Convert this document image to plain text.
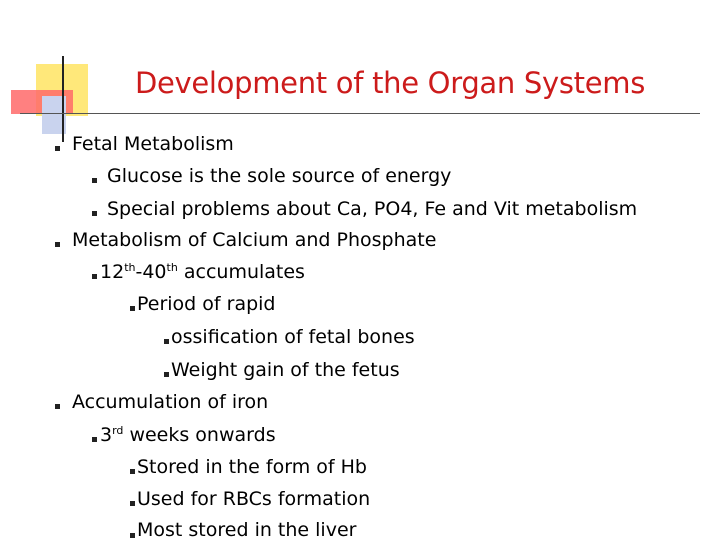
Development of the Organ Systems
Fetal Metabolism
Glucose is the sole source of energy
Special problems about Ca, PO4, Fe and Vit metabolism
Metabolism of Calcium and Phosphate
12th-40th accumulates
Period of rapid
ossification of fetal bones
Weight gain of the fetus
Accumulation of iron
3rd weeks onwards
Stored in the form of Hb
Used for RBCs formation
Most stored in the liver
